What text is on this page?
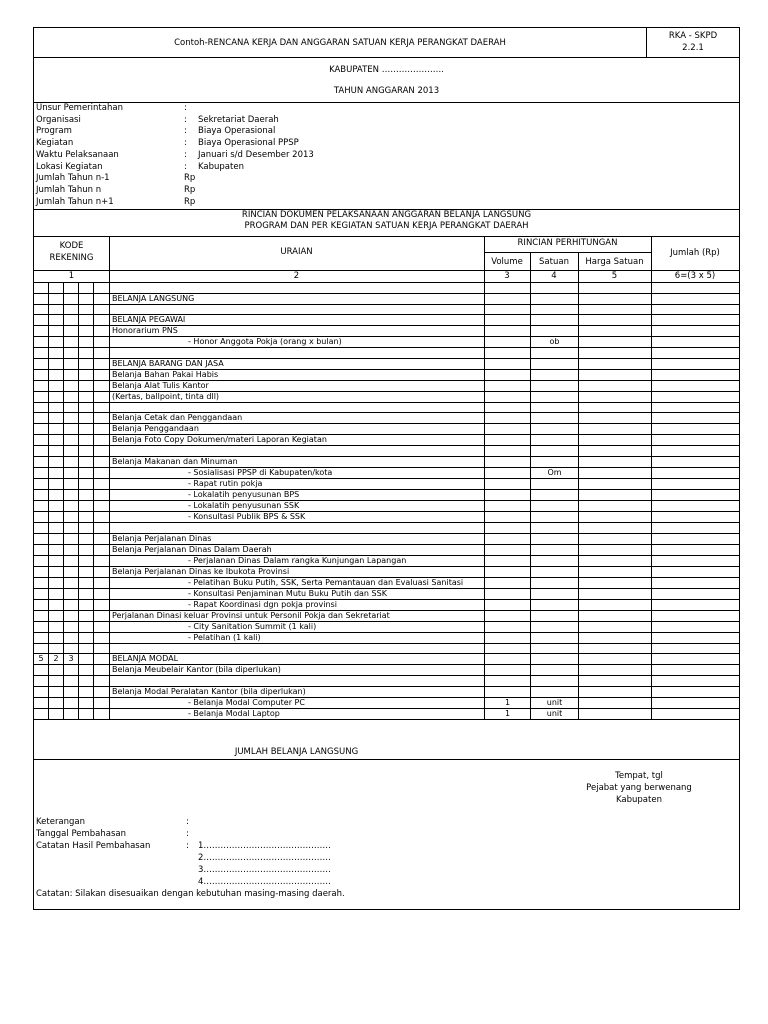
Contoh-RENCANA KERJA DAN ANGGARAN SATUAN KERJA PERANGKAT DAERAH
RKA - SKPD
2.2.1
KABUPATEN ………………….
TAHUN ANGGARAN 2013
Unsur Pemerintahan	:
Organisasi	: Sekretariat Daerah
Program	: Biaya Operasional
Kegiatan	: Biaya Operasional PPSP
Waktu Pelaksanaan	: Januari s/d Desember 2013
Lokasi Kegiatan	: Kabupaten
Jumlah Tahun n-1	Rp
Jumlah Tahun n	Rp
Jumlah Tahun n+1	Rp
RINCIAN DOKUMEN PELAKSANAAN ANGGARAN BELANJA LANGSUNG
PROGRAM DAN PER KEGIATAN SATUAN KERJA PERANGKAT DAERAH
KODE
REKENING
URAIAN
RINCIAN PERHITUNGAN
Volume	Satuan	Harga Satuan
Jumlah (Rp)
1	2	3	4	5	6=(3 x 5)

					BELANJA LANGSUNG				

					BELANJA PEGAWAI				
					Honorarium PNS				
					- Honor Anggota Pokja (orang x bulan)		ob		

					BELANJA BARANG DAN JASA				
					Belanja Bahan Pakai Habis				
					Belanja Alat Tulis Kantor				
					(Kertas, ballpoint, tinta dll)				

					Belanja Cetak dan Penggandaan				
					Belanja Penggandaan				
					Belanja Foto Copy Dokumen/materi Laporan Kegiatan				

					Belanja Makanan dan Minuman				
					- Sosialisasi PPSP di Kabupaten/kota		Om		
					- Rapat rutin pokja				
					- Lokalatih penyusunan BPS				
					- Lokalatih penyusunan SSK				
					- Konsultasi Publik BPS & SSK				

					Belanja Perjalanan Dinas				
					Belanja Perjalanan Dinas Dalam Daerah				
					- Perjalanan Dinas Dalam rangka Kunjungan Lapangan				
					Belanja Perjalanan Dinas ke Ibukota Provinsi				
					- Pelatihan Buku Putih, SSK, Serta Pemantauan dan Evaluasi Sanitasi				
					- Konsultasi Penjaminan Mutu Buku Putih dan SSK				
					- Rapat Koordinasi dgn pokja provinsi				
					Perjalanan Dinasi keluar Provinsi untuk Personil Pokja dan Sekretariat				
					- City Sanitation Summit (1 kali)				
					- Pelatihan (1 kali)				

5	2	3			BELANJA MODAL				
					Belanja Meubelair Kantor (bila diperlukan)				

					Belanja Modal Peralatan Kantor (bila diperlukan)				
					- Belanja Modal Computer PC	1	unit		
					- Belanja Modal Laptop	1	unit		
JUMLAH BELANJA LANGSUNG
Tempat, tgl
Pejabat yang berwenang
Kabupaten
Keterangan	:
Tanggal Pembahasan	:
Catatan Hasil Pembahasan	: 1………………………………………
2………………………………………
3………………………………………
4………………………………………
Catatan: Silakan disesuaikan dengan kebutuhan masing-masing daerah.
